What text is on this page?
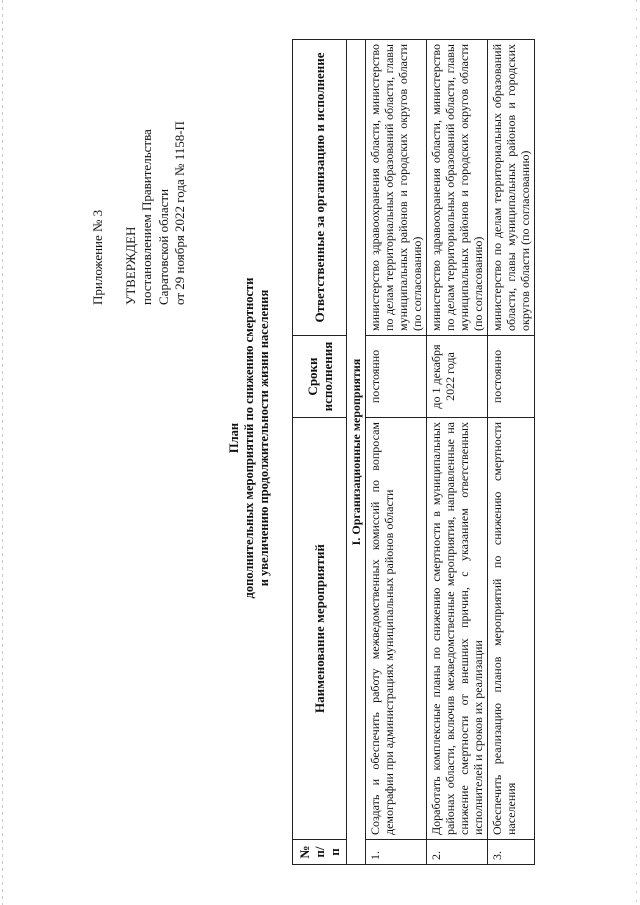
Приложение № 3 УТВЕРЖДЕН постановлением Правительства Саратовской области от 29 ноября 2022 года № 1158-П
План дополнительных мероприятий по снижению смертности и увеличению продолжительности жизни населения
№ п/п	Наименование мероприятий	Сроки исполнения	Ответственные за организацию и исполнение
I. Организационные мероприятия			
1.	Создать и обеспечить работу межведомственных комиссий по вопросам демографии при администрациях муниципальных районов области	постоянно	министерство здравоохранения области, министерство по делам территориальных образований области, главы муниципальных районов и городских округов области (по согласованию)
2.	Доработать комплексные планы по снижению смертности в муниципальных районах области, включив межведомственные мероприятия, направленные на снижение смертности от внешних причин, с указанием ответственных исполнителей и сроков их реализации	до 1 декабря 2022 года	министерство здравоохранения области, министерство по делам территориальных образований области, главы муниципальных районов и городских округов области (по согласованию)
3.	Обеспечить реализацию планов мероприятий по снижению смертности населения	постоянно	министерство по делам территориальных образований области, главы муниципальных районов и городских округов области (по согласованию)
